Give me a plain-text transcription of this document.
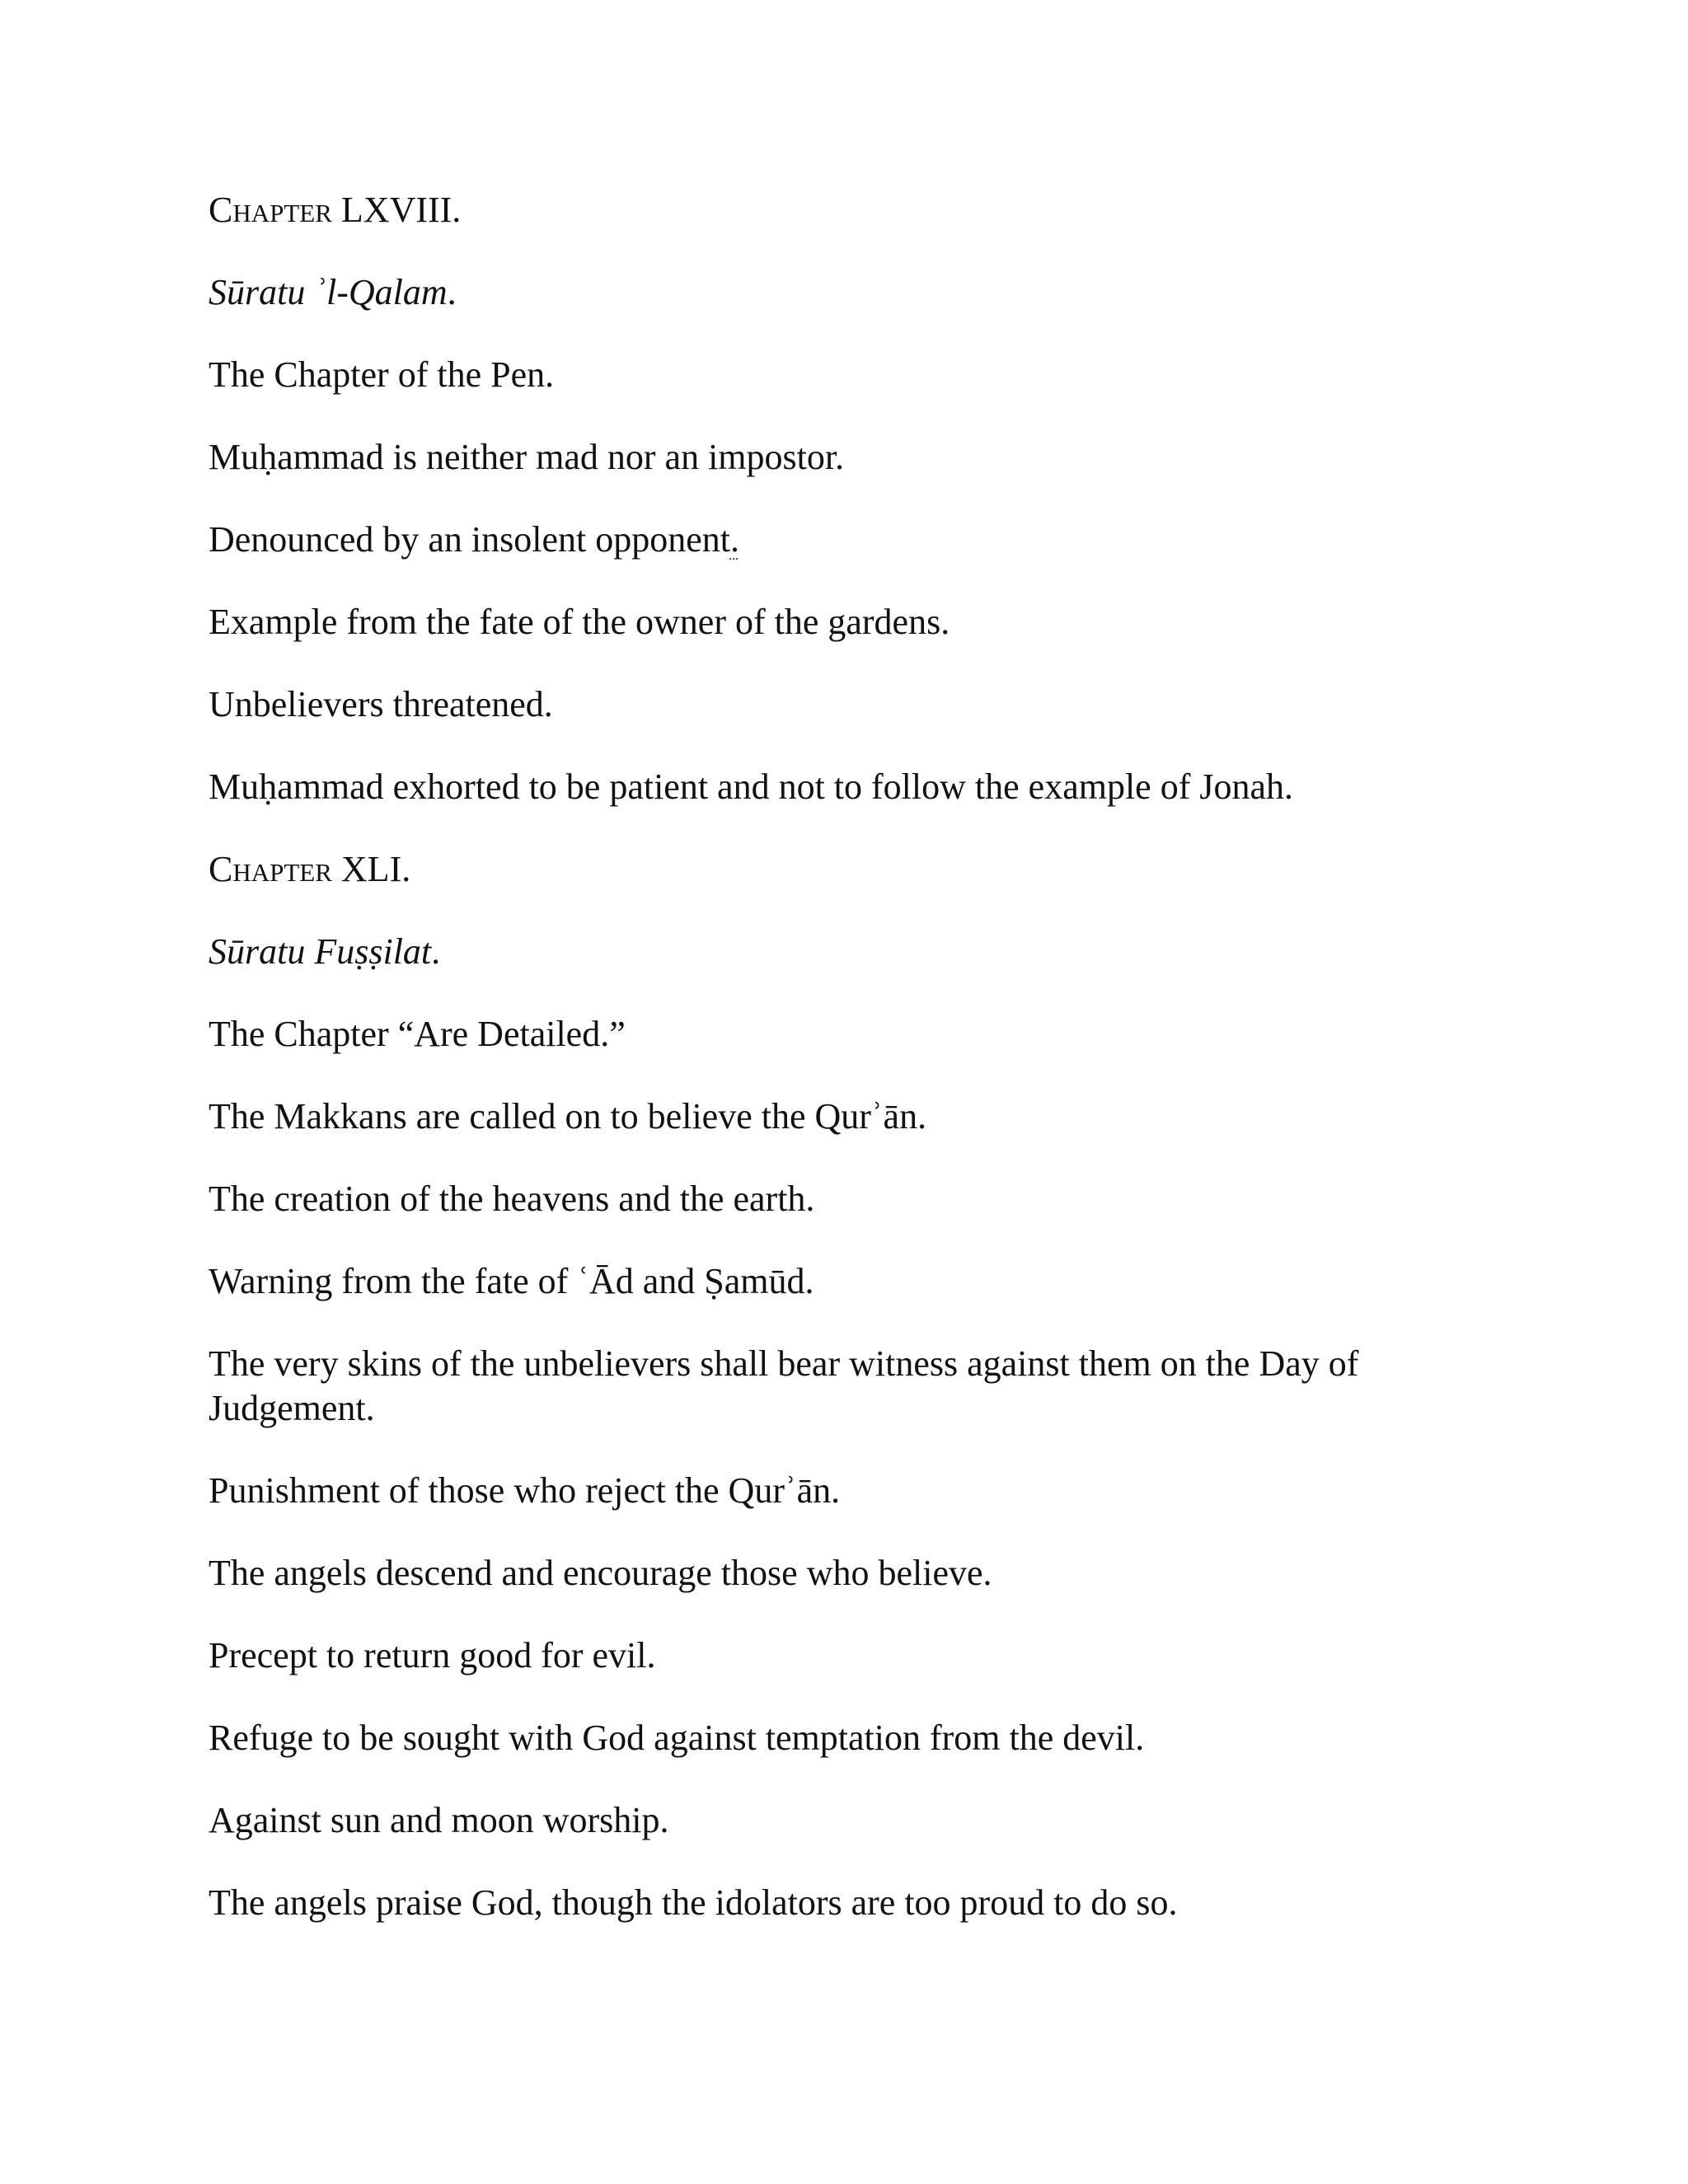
Chapter LXVIII.
Sūratu ʾl-Qalam.
The Chapter of the Pen.
Muḥammad is neither mad nor an impostor.
Denounced by an insolent opponent.
Example from the fate of the owner of the gardens.
Unbelievers threatened.
Muḥammad exhorted to be patient and not to follow the example of Jonah.
Chapter XLI.
Sūratu Fuṣṣilat.
The Chapter “Are Detailed.”
The Makkans are called on to believe the Qurʾān.
The creation of the heavens and the earth.
Warning from the fate of ʿĀd and Ṣamūd.
The very skins of the unbelievers shall bear witness against them on the Day of Judgement.
Punishment of those who reject the Qurʾān.
The angels descend and encourage those who believe.
Precept to return good for evil.
Refuge to be sought with God against temptation from the devil.
Against sun and moon worship.
The angels praise God, though the idolators are too proud to do so.
